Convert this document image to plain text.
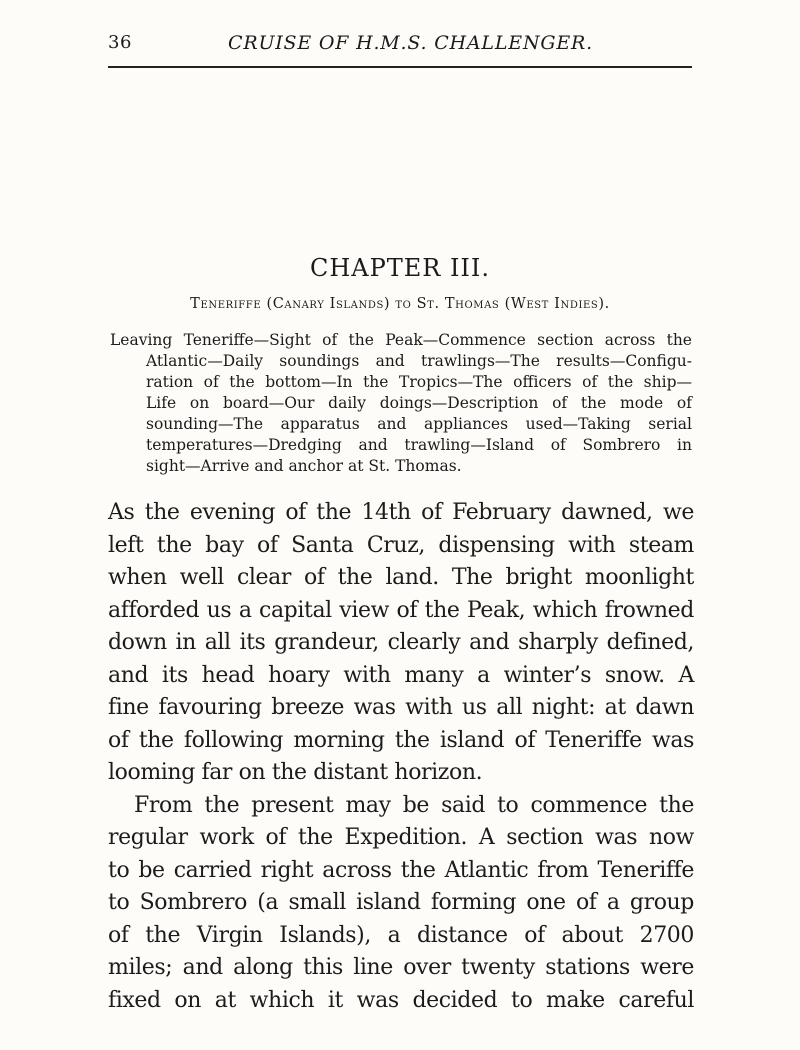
36	CRUISE OF H.M.S. CHALLENGER.
CHAPTER III.
Teneriffe (Canary Islands) to St. Thomas (West Indies).
Leaving Teneriffe—Sight of the Peak—Commence section across the
Atlantic—Daily soundings and trawlings—The results—Configu-
ration of the bottom—In the Tropics—The officers of the ship—
Life on board—Our daily doings—Description of the mode of
sounding—The apparatus and appliances used—Taking serial
temperatures—Dredging and trawling—Island of Sombrero in
sight—Arrive and anchor at St. Thomas.
As the evening of the 14th of February dawned, we
left the bay of Santa Cruz, dispensing with steam
when well clear of the land. The bright moonlight
afforded us a capital view of the Peak, which frowned
down in all its grandeur, clearly and sharply defined,
and its head hoary with many a winter’s snow. A
fine favouring breeze was with us all night: at dawn
of the following morning the island of Teneriffe was
looming far on the distant horizon.
From the present may be said to commence the
regular work of the Expedition. A section was now
to be carried right across the Atlantic from Teneriffe
to Sombrero (a small island forming one of a group
of the Virgin Islands), a distance of about 2700
miles; and along this line over twenty stations were
fixed on at which it was decided to make careful
